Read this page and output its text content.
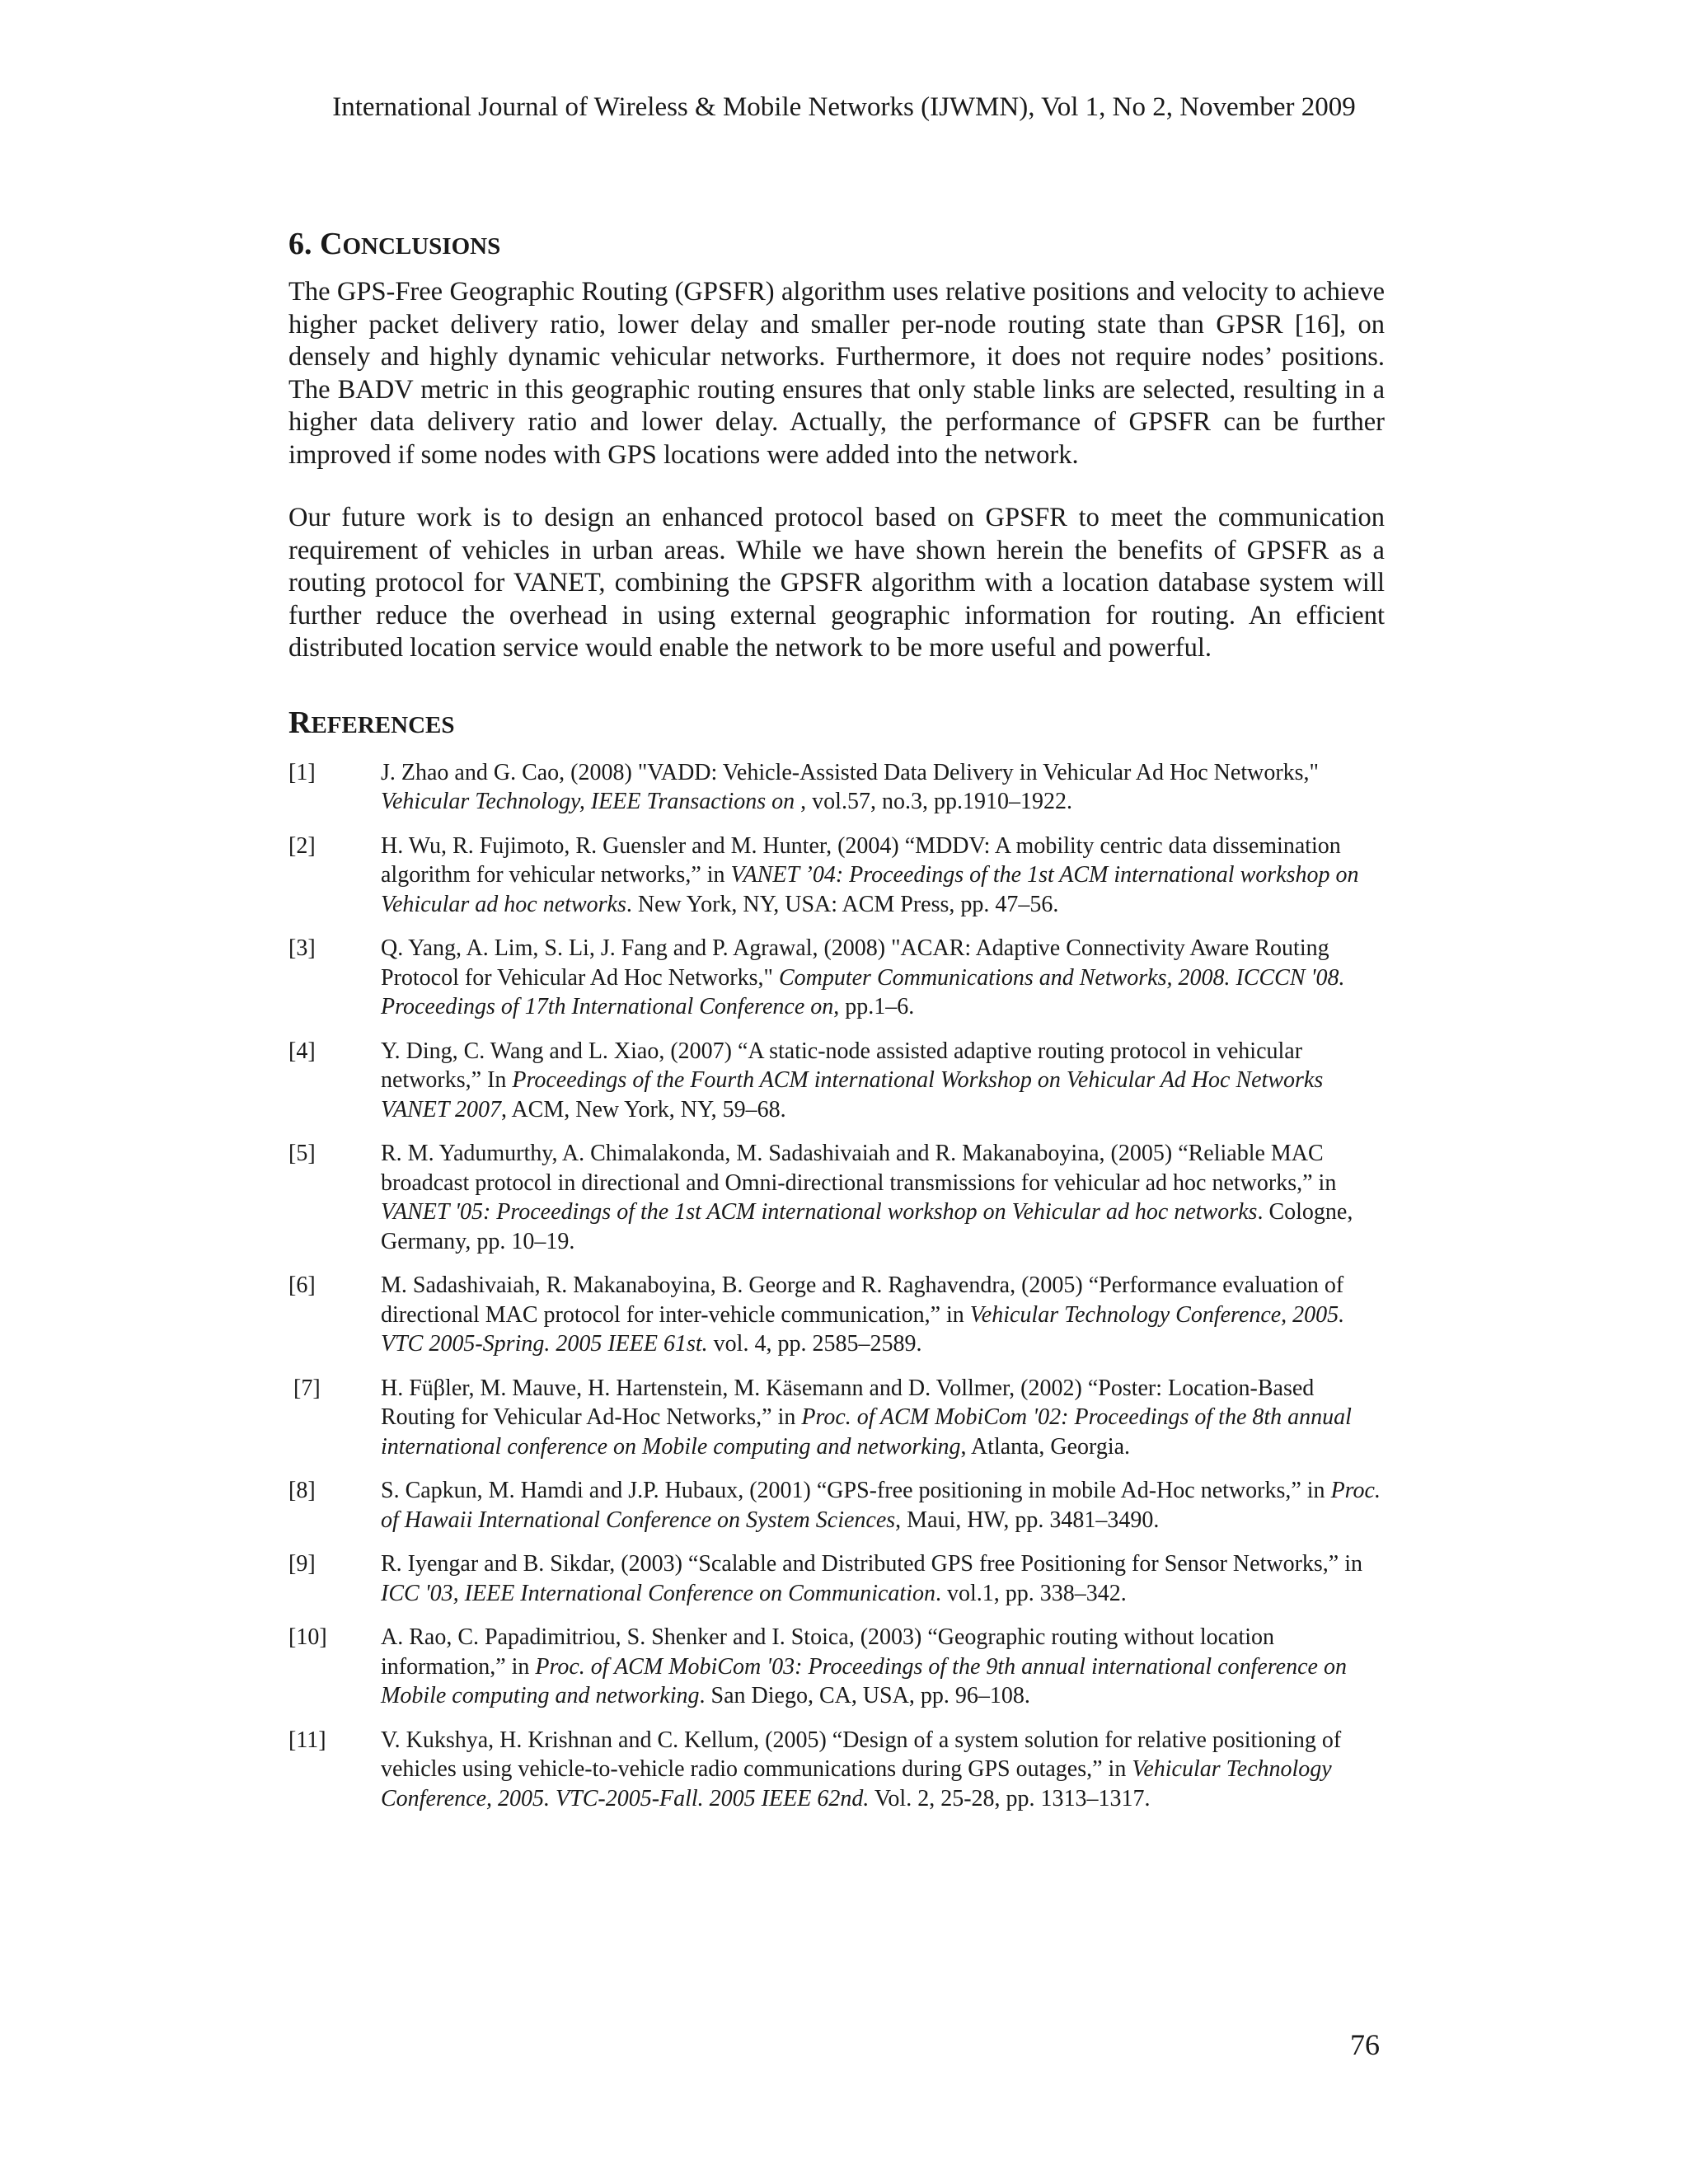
International Journal of Wireless & Mobile Networks (IJWMN), Vol 1, No 2, November 2009
6. CONCLUSIONS

The GPS-Free Geographic Routing (GPSFR) algorithm uses relative positions and velocity to achieve higher packet delivery ratio, lower delay and smaller per-node routing state than GPSR [16], on densely and highly dynamic vehicular networks. Furthermore, it does not require nodes’ positions. The BADV metric in this geographic routing ensures that only stable links are selected, resulting in a higher data delivery ratio and lower delay. Actually, the performance of GPSFR can be further improved if some nodes with GPS locations were added into the network.

Our future work is to design an enhanced protocol based on GPSFR to meet the communication requirement of vehicles in urban areas. While we have shown herein the benefits of GPSFR as a routing protocol for VANET, combining the GPSFR algorithm with a location database system will further reduce the overhead in using external geographic information for routing. An efficient distributed location service would enable the network to be more useful and powerful.

REFERENCES
[1]	J. Zhao and G. Cao, (2008) "VADD: Vehicle-Assisted Data Delivery in Vehicular Ad Hoc Networks," Vehicular Technology, IEEE Transactions on , vol.57, no.3, pp.1910–1922.
[2]	H. Wu, R. Fujimoto, R. Guensler and M. Hunter, (2004) “MDDV: A mobility centric data dissemination algorithm for vehicular networks,” in VANET ’04: Proceedings of the 1st ACM international workshop on Vehicular ad hoc networks. New York, NY, USA: ACM Press, pp. 47–56.
[3]	Q. Yang, A. Lim, S. Li, J. Fang and P. Agrawal, (2008) "ACAR: Adaptive Connectivity Aware Routing Protocol for Vehicular Ad Hoc Networks," Computer Communications and Networks, 2008. ICCCN '08. Proceedings of 17th International Conference on, pp.1–6.
[4]	Y. Ding, C. Wang and L. Xiao, (2007) “A static-node assisted adaptive routing protocol in vehicular networks,” In Proceedings of the Fourth ACM international Workshop on Vehicular Ad Hoc Networks VANET 2007, ACM, New York, NY, 59–68.
[5]	R. M. Yadumurthy, A. Chimalakonda, M. Sadashivaiah and R. Makanaboyina, (2005) “Reliable MAC broadcast protocol in directional and Omni-directional transmissions for vehicular ad hoc networks,” in VANET '05: Proceedings of the 1st ACM international workshop on Vehicular ad hoc networks. Cologne, Germany, pp. 10–19.
[6]	M. Sadashivaiah, R. Makanaboyina, B. George and R. Raghavendra, (2005) “Performance evaluation of directional MAC protocol for inter-vehicle communication,” in Vehicular Technology Conference, 2005. VTC 2005-Spring. 2005 IEEE 61st. vol. 4, pp. 2585–2589.
[7]	H. Füβler, M. Mauve, H. Hartenstein, M. Käsemann and D. Vollmer, (2002) “Poster: Location-Based Routing for Vehicular Ad-Hoc Networks,” in Proc. of ACM MobiCom '02: Proceedings of the 8th annual international conference on Mobile computing and networking, Atlanta, Georgia.
[8]	S. Capkun, M. Hamdi and J.P. Hubaux, (2001) “GPS-free positioning in mobile Ad-Hoc networks,” in Proc. of Hawaii International Conference on System Sciences, Maui, HW, pp. 3481–3490.
[9]	R. Iyengar and B. Sikdar, (2003) “Scalable and Distributed GPS free Positioning for Sensor Networks,” in ICC '03, IEEE International Conference on Communication. vol.1, pp. 338–342.
[10]	A. Rao, C. Papadimitriou, S. Shenker and I. Stoica, (2003) “Geographic routing without location information,” in Proc. of ACM MobiCom '03: Proceedings of the 9th annual international conference on Mobile computing and networking. San Diego, CA, USA, pp. 96–108.
[11]	V. Kukshya, H. Krishnan and C. Kellum, (2005) “Design of a system solution for relative positioning of vehicles using vehicle-to-vehicle radio communications during GPS outages,” in Vehicular Technology Conference, 2005. VTC-2005-Fall. 2005 IEEE 62nd. Vol. 2, 25-28, pp. 1313–1317.
76
